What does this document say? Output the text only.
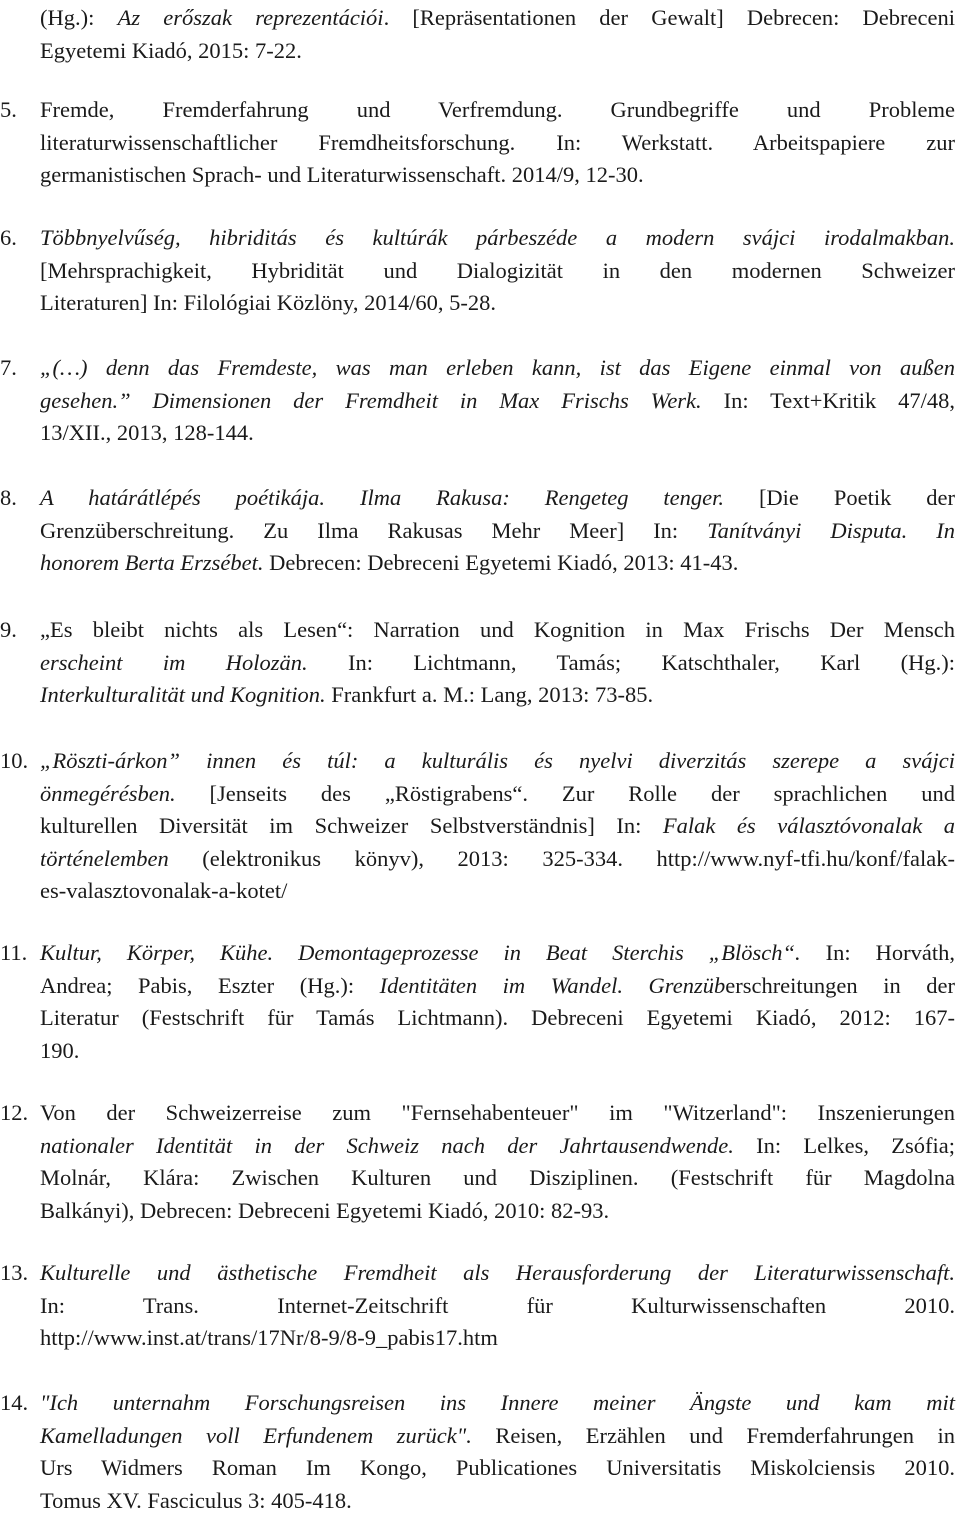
(Hg.): Az erőszak reprezentációi. [Repräsentationen der Gewalt] Debrecen: Debreceni
Egyetemi Kiadó, 2015: 7-22.
5. Fremde, Fremderfahrung und Verfremdung. Grundbegriffe und Probleme
literaturwissenschaftlicher Fremdheitsforschung. In: Werkstatt. Arbeitspapiere zur
germanistischen Sprach- und Literaturwissenschaft. 2014/9, 12-30.
6. Többnyelvűség, hibriditás és kultúrák párbeszéde a modern svájci irodalmakban.
[Mehrsprachigkeit, Hybridität und Dialogizität in den modernen Schweizer
Literaturen] In: Filológiai Közlöny, 2014/60, 5-28.
7. „(…) denn das Fremdeste, was man erleben kann, ist das Eigene einmal von außen
gesehen.” Dimensionen der Fremdheit in Max Frischs Werk. In: Text+Kritik 47/48,
13/XII., 2013, 128-144.
8. A határátlépés poétikája. Ilma Rakusa: Rengeteg tenger. [Die Poetik der
Grenzüberschreitung. Zu Ilma Rakusas Mehr Meer] In: Tanítványi Disputa. In
honorem Berta Erzsébet. Debrecen: Debreceni Egyetemi Kiadó, 2013: 41-43.
9. „Es bleibt nichts als Lesen“: Narration und Kognition in Max Frischs Der Mensch
erscheint im Holozän. In: Lichtmann, Tamás; Katschthaler, Karl (Hg.):
Interkulturalität und Kognition. Frankfurt a. M.: Lang, 2013: 73-85.
10. „Röszti-árkon” innen és túl: a kulturális és nyelvi diverzitás szerepe a svájci
önmegérésben. [Jenseits des „Röstigrabens“. Zur Rolle der sprachlichen und
kulturellen Diversität im Schweizer Selbstverständnis] In: Falak és választóvonalak a
történelemben (elektronikus könyv), 2013: 325-334. http://www.nyf-tfi.hu/konf/falak-
es-valasztovonalak-a-kotet/
11. Kultur, Körper, Kühe. Demontageprozesse in Beat Sterchis „Blösch“. In: Horváth,
Andrea; Pabis, Eszter (Hg.): Identitäten im Wandel. Grenzüberschreitungen in der
Literatur (Festschrift für Tamás Lichtmann). Debreceni Egyetemi Kiadó, 2012: 167-
190.
12. Von der Schweizerreise zum "Fernsehabenteuer" im "Witzerland": Inszenierungen
nationaler Identität in der Schweiz nach der Jahrtausendwende. In: Lelkes, Zsófia;
Molnár, Klára: Zwischen Kulturen und Disziplinen. (Festschrift für Magdolna
Balkányi), Debrecen: Debreceni Egyetemi Kiadó, 2010: 82-93.
13. Kulturelle und ästhetische Fremdheit als Herausforderung der Literaturwissenschaft.
In: Trans. Internet-Zeitschrift für Kulturwissenschaften 2010.
http://www.inst.at/trans/17Nr/8-9/8-9_pabis17.htm
14. "Ich unternahm Forschungsreisen ins Innere meiner Ängste und kam mit
Kamelladungen voll Erfundenem zurück". Reisen, Erzählen und Fremderfahrungen in
Urs Widmers Roman Im Kongo, Publicationes Universitatis Miskolciensis 2010.
Tomus XV. Fasciculus 3: 405-418.
